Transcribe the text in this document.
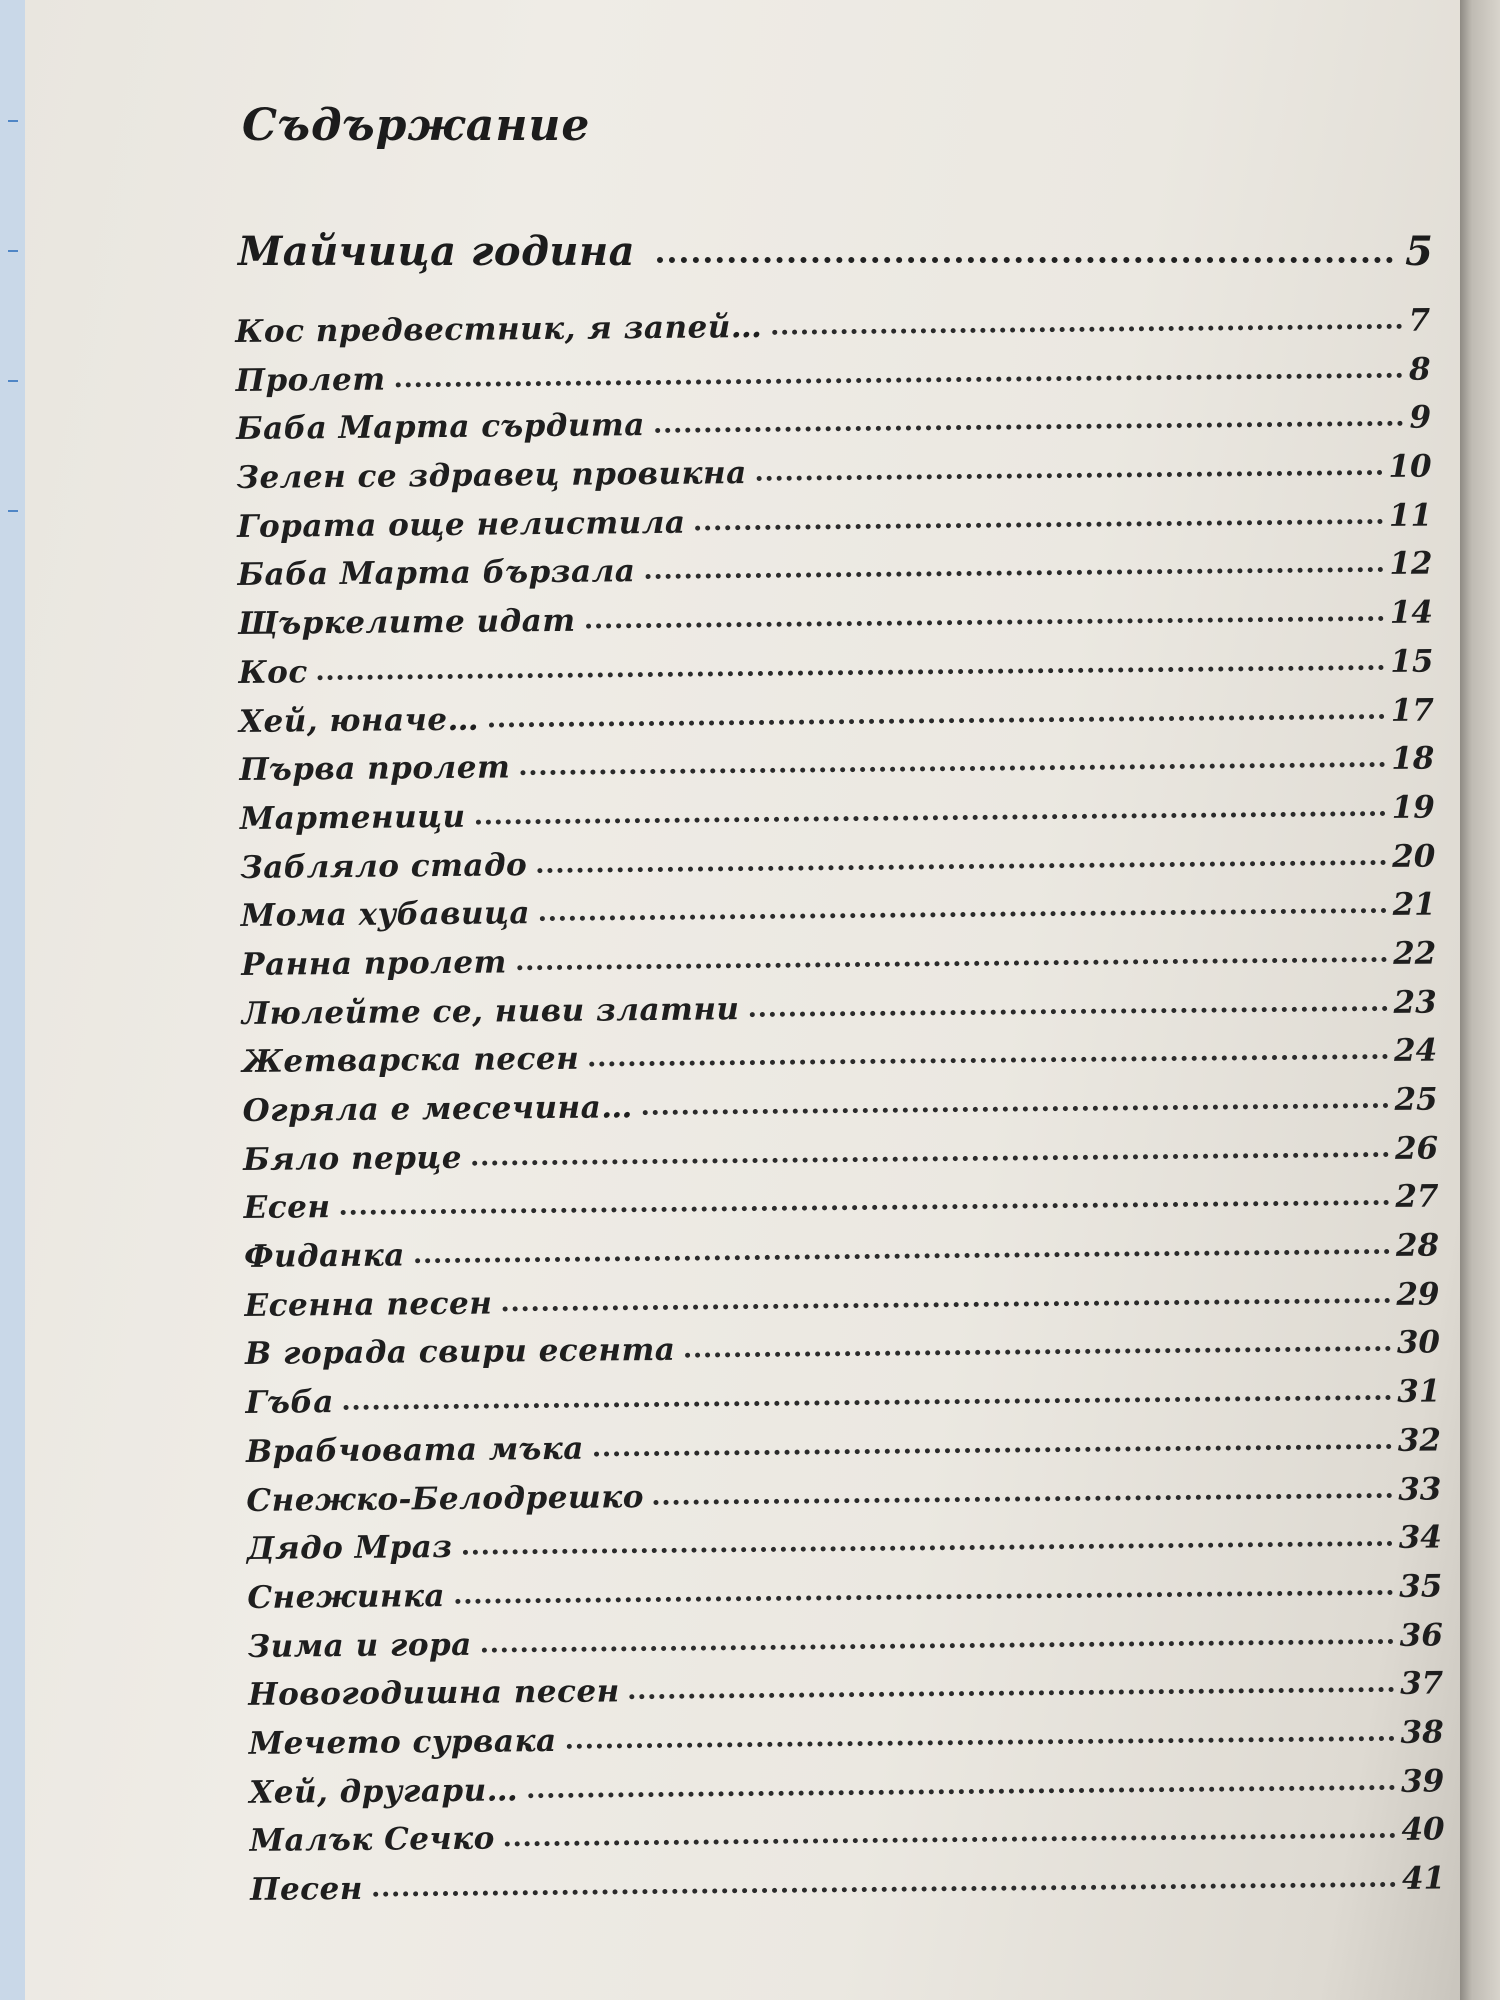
Съдържание
Майчица година	5
Кос предвестник, я запей…	7
Пролет	8
Баба Марта сърдита	9
Зелен се здравец провикна	10
Гората още нелистила	11
Баба Марта бързала	12
Щъркелите идат	14
Кос	15
Хей, юначе…	17
Първа пролет	18
Мартеници	19
Забляло стадо	20
Мома хубавица	21
Ранна пролет	22
Люлейте се, ниви златни	23
Жетварска песен	24
Огряла е месечина…	25
Бяло перце	26
Есен	27
Фиданка	28
Есенна песен	29
В горада свири есента	30
Гъба	31
Врабчовата мъка	32
Снежко-Белодрешко	33
Дядо Мраз	34
Снежинка	35
Зима и гора	36
Новогодишна песен	37
Мечето сурвака	38
Хей, другари…	39
Малък Сечко	40
Песен	41
